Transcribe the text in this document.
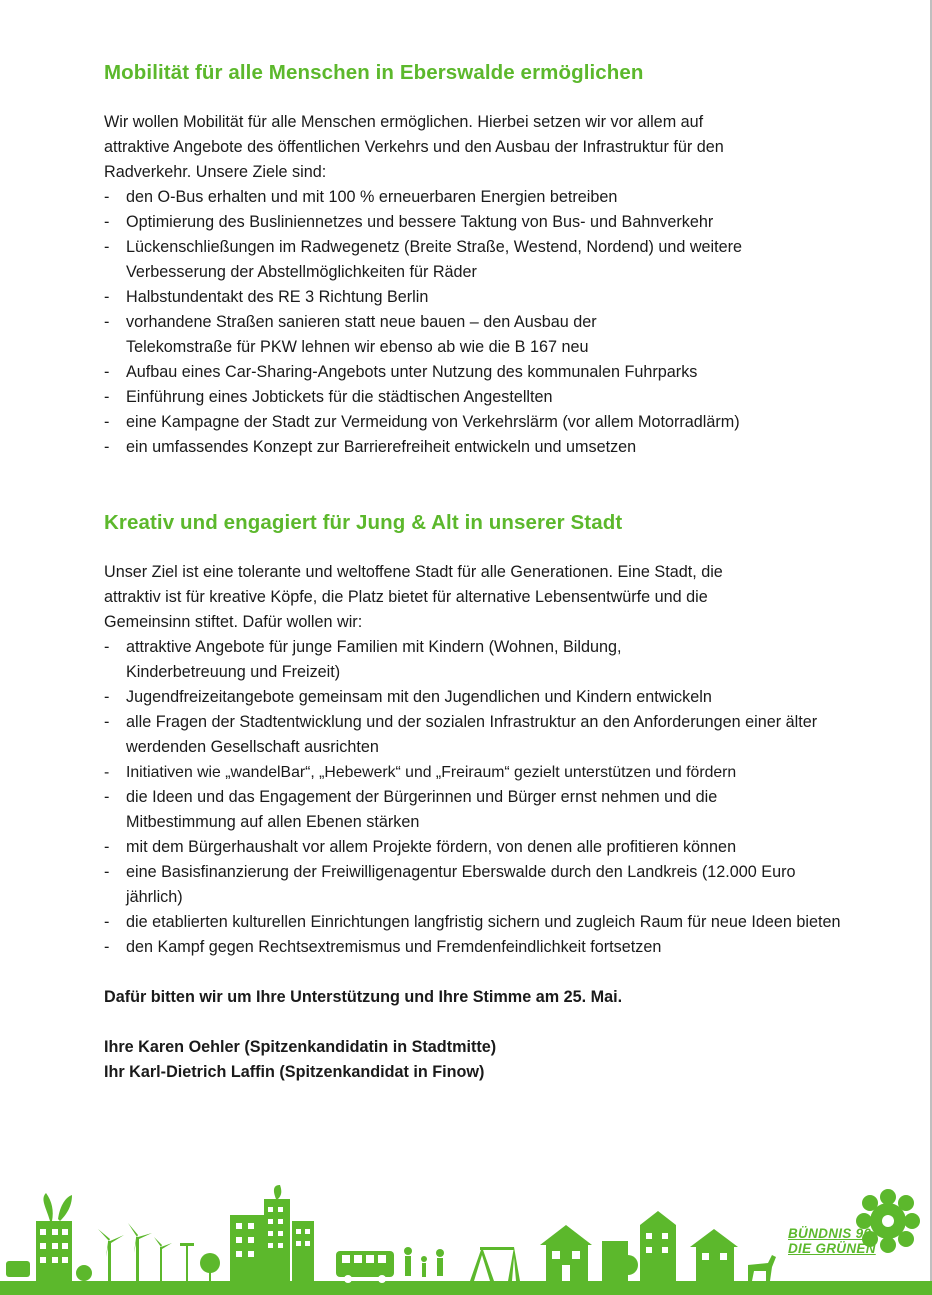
Mobilität für alle Menschen in Eberswalde ermöglichen

Wir wollen Mobilität für alle Menschen ermöglichen. Hierbei setzen wir vor allem auf

attraktive Angebote des öffentlichen Verkehrs und den Ausbau der Infrastruktur für den

Radverkehr. Unsere Ziele sind:

- den O-Bus erhalten und mit 100 % erneuerbaren Energien betreiben
- Optimierung des Busliniennetzes und bessere Taktung von Bus- und Bahnverkehr
- Lückenschließungen im Radwegenetz (Breite Straße, Westend, Nordend) und weitere Verbesserung der Abstellmöglichkeiten für Räder
- Halbstundentakt des RE 3 Richtung Berlin
- vorhandene Straßen sanieren statt neue bauen – den Ausbau der Telekomstraße für PKW lehnen wir ebenso ab wie die B 167 neu
- Aufbau eines Car-Sharing-Angebots unter Nutzung des kommunalen Fuhrparks
- Einführung eines Jobtickets für die städtischen Angestellten
- eine Kampagne der Stadt zur Vermeidung von Verkehrslärm (vor allem Motorradlärm)
- ein umfassendes Konzept zur Barrierefreiheit entwickeln und umsetzen
Kreativ und engagiert für Jung & Alt in unserer Stadt

Unser Ziel ist eine tolerante und weltoffene Stadt für alle Generationen. Eine Stadt, die

attraktiv ist für kreative Köpfe, die Platz bietet für alternative Lebensentwürfe und die

Gemeinsinn stiftet. Dafür wollen wir:

- attraktive Angebote für junge Familien mit Kindern (Wohnen, Bildung, Kinderbetreuung und Freizeit)
- Jugendfreizeitangebote gemeinsam mit den Jugendlichen und Kindern entwickeln
- alle Fragen der Stadtentwicklung und der sozialen Infrastruktur an den Anforderungen einer älter werdenden Gesellschaft ausrichten
- Initiativen wie „wandelBar“, „Hebewerk“ und „Freiraum“ gezielt unterstützen und fördern
- die Ideen und das Engagement der Bürgerinnen und Bürger ernst nehmen und die Mitbestimmung auf allen Ebenen stärken
- mit dem Bürgerhaushalt vor allem Projekte fördern, von denen alle profitieren können
- eine Basisfinanzierung der Freiwilligenagentur Eberswalde durch den Landkreis (12.000 Euro jährlich)
- die etablierten kulturellen Einrichtungen langfristig sichern und zugleich Raum für neue Ideen bieten
- den Kampf gegen Rechtsextremismus und Fremdenfeindlichkeit fortsetzen

Dafür bitten wir um Ihre Unterstützung und Ihre Stimme am 25. Mai.

Ihre Karen Oehler (Spitzenkandidatin in Stadtmitte)

Ihr Karl-Dietrich Laffin (Spitzenkandidat in Finow)

BÜNDNIS 90
DIE GRÜNEN
